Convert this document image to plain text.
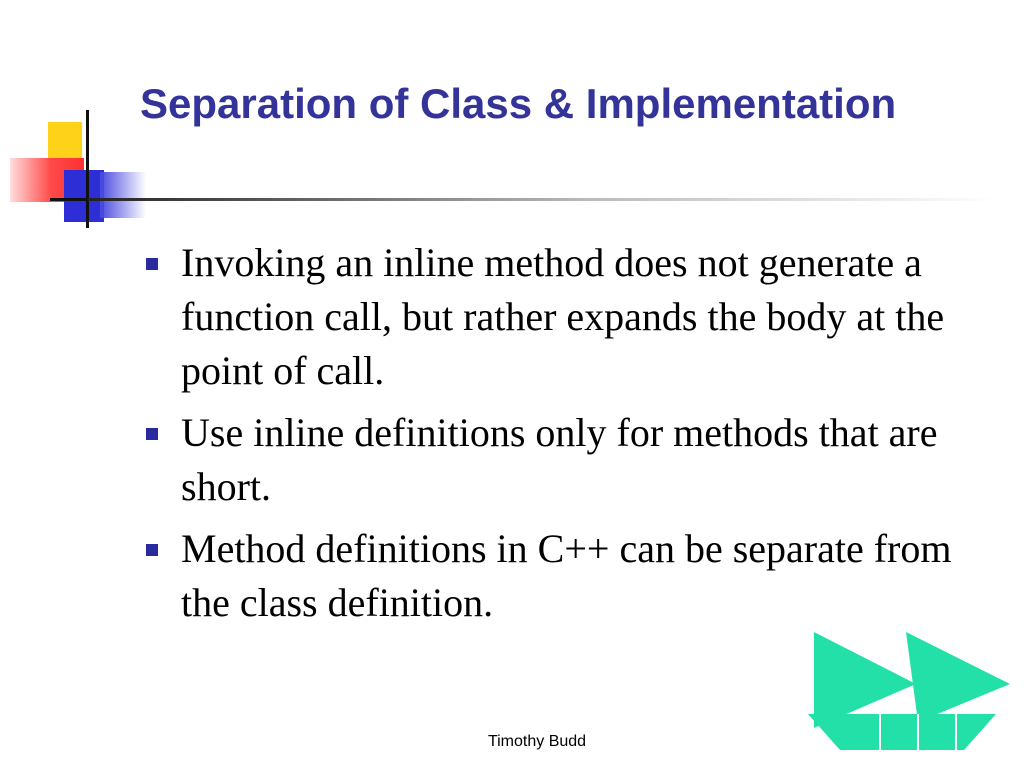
Separation of Class & Implementation
Invoking an inline method does not generate a function call, but rather expands the body at the point of call.
Use inline definitions only for methods that are short.
Method definitions in C++ can be separate from the class definition.
Timothy Budd
